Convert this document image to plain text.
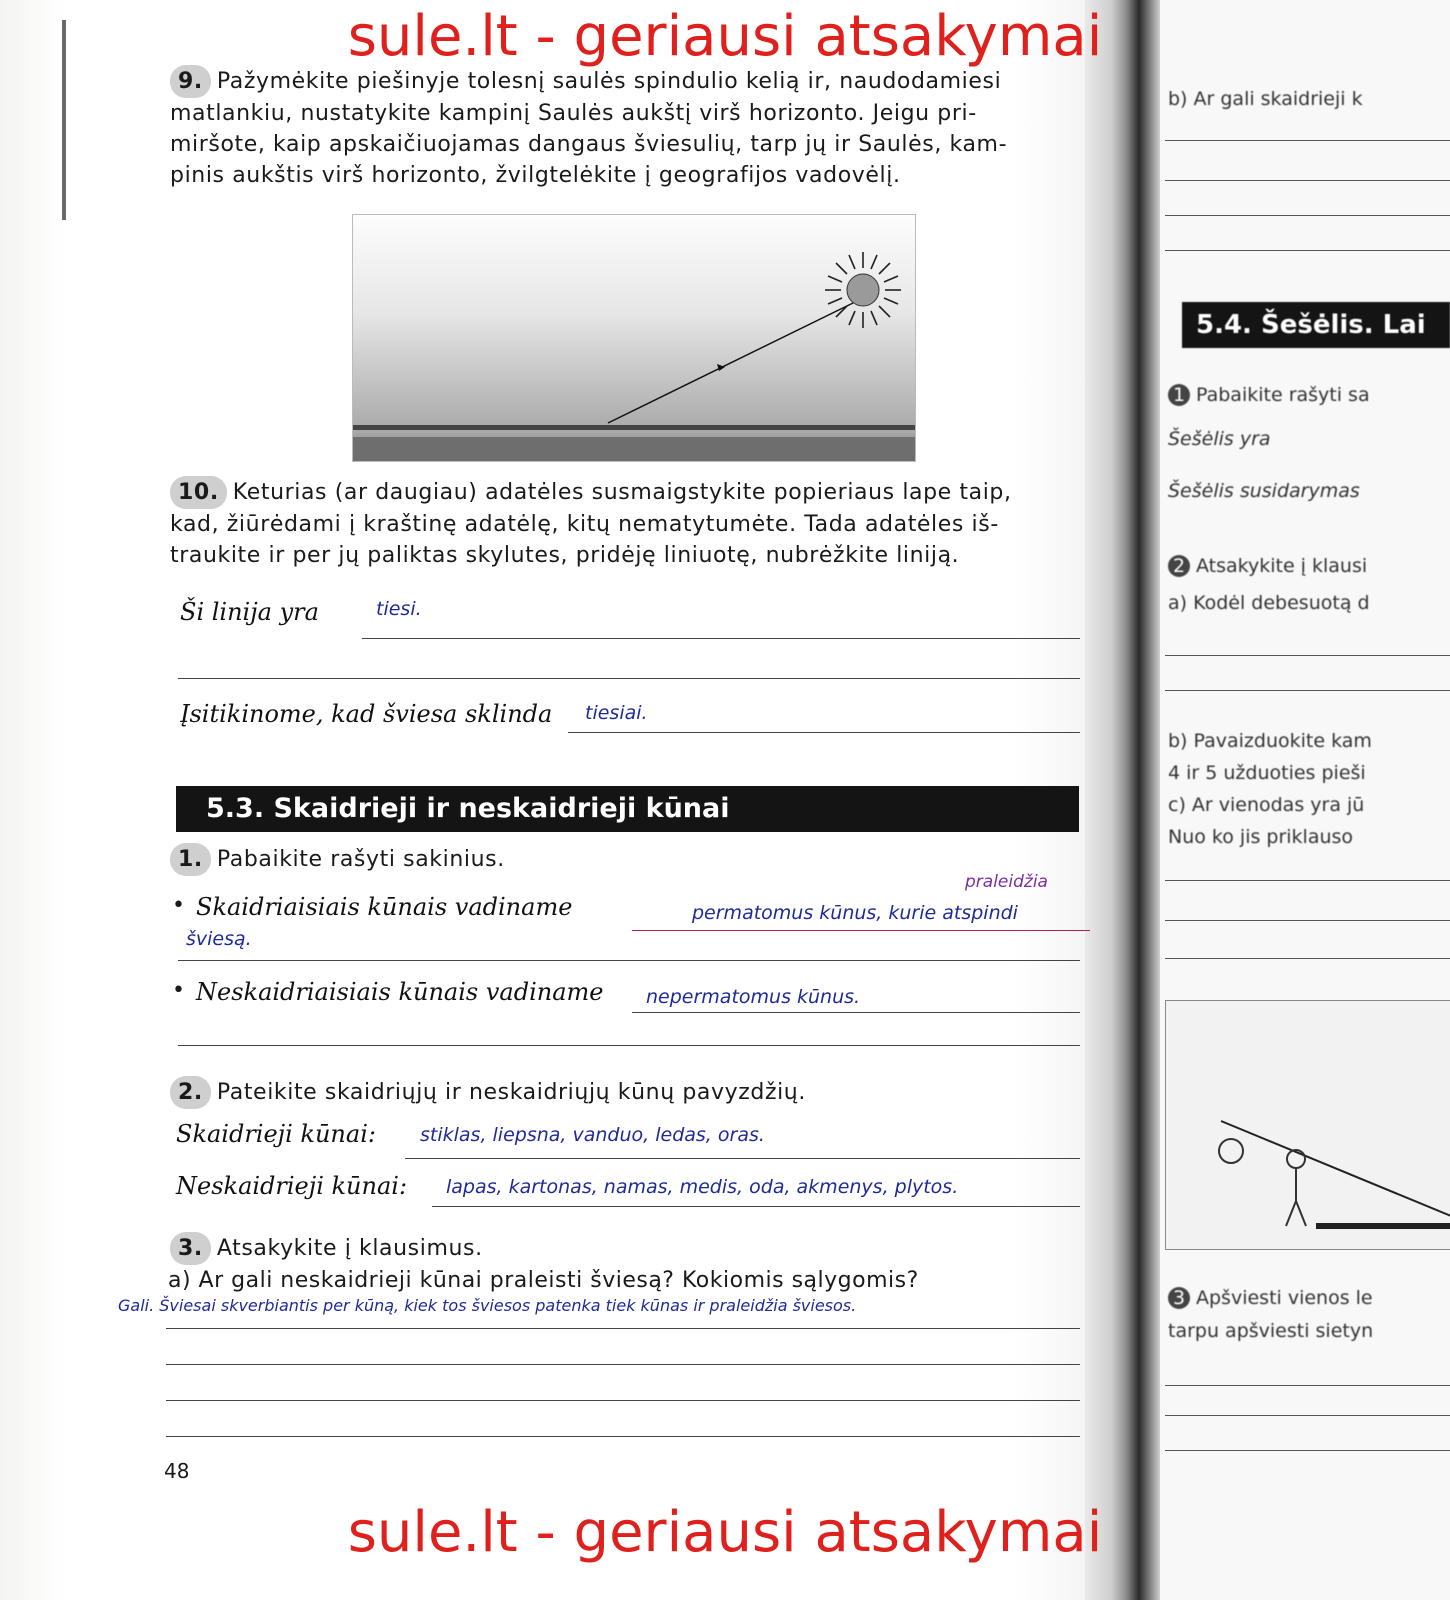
b) Ar gali skaidrieji k
5.4. Šešėlis. Lai
1 Pabaikite rašyti sa
Šešėlis yra
Šešėlis susidarymas
2 Atsakykite į klausi
a) Kodėl debesuotą d
b) Pavaizduokite kam
4 ir 5 užduoties pieši
c) Ar vienodas yra jū
Nuo ko jis priklauso
3 Apšviesti vienos le
tarpu apšviesti sietyn
sule.lt - geriausi atsakymai
sule.lt - geriausi atsakymai
9. Pažymėkite piešinyje tolesnį saulės spindulio kelią ir, naudodamiesi
matlankiu, nustatykite kampinį Saulės aukštį virš horizonto. Jeigu pri-
miršote, kaip apskaičiuojamas dangaus šviesulių, tarp jų ir Saulės, kam-
pinis aukštis virš horizonto, žvilgtelėkite į geografijos vadovėlį.
10. Keturias (ar daugiau) adatėles susmaigstykite popieriaus lape taip,
kad, žiūrėdami į kraštinę adatėlę, kitų nematytumėte. Tada adatėles iš-
traukite ir per jų paliktas skylutes, pridėję liniuotę, nubrėžkite liniją.
Ši linija yra	tiesi.
Įsitikinome, kad šviesa sklinda tiesiai.
5.3. Skaidrieji ir neskaidrieji kūnai
1. Pabaikite rašyti sakinius.
• Skaidriaisiais kūnais vadiname	permatomus kūnus, kurie atspindi
praleidžia
šviesą.
• Neskaidriaisiais kūnais vadiname nepermatomus kūnus.
2. Pateikite skaidriųjų ir neskaidriųjų kūnų pavyzdžių.
Skaidrieji kūnai: stiklas, liepsna, vanduo, ledas, oras.
Neskaidrieji kūnai: lapas, kartonas, namas, medis, oda, akmenys, plytos.
3. Atsakykite į klausimus.
a) Ar gali neskaidrieji kūnai praleisti šviesą? Kokiomis sąlygomis?
Gali. Šviesai skverbiantis per kūną, kiek tos šviesos patenka tiek kūnas ir praleidžia šviesos.
48
